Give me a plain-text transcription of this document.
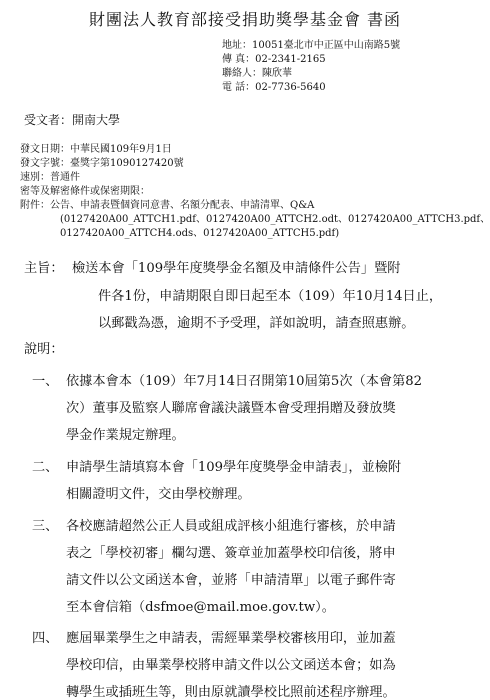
財團法人教育部接受捐助獎學基金會 書函
地址：10051臺北市中正區中山南路5號
傳 真：02-2341-2165
聯絡人：陳欣華
電 話：02-7736-5640
受文者：開南大學
發文日期：中華民國109年9月1日
發文字號：臺獎字第1090127420號
速別：普通件
密等及解密條件或保密期限：
附件：公告、申請表暨個資同意書、名額分配表、申請清單、Q&A
(0127420A00_ATTCH1.pdf、0127420A00_ATTCH2.odt、0127420A00_ATTCH3.pdf、
0127420A00_ATTCH4.ods、0127420A00_ATTCH5.pdf)
主旨： 檢送本會「109學年度獎學金名額及申請條件公告」暨附
件各1份，申請期限自即日起至本（109）年10月14日止，
以郵戳為憑，逾期不予受理，詳如說明，請查照惠辦。
說明：
一、 依據本會本（109）年7月14日召開第10屆第5次（本會第82
次）董事及監察人聯席會議決議暨本會受理捐贈及發放獎
學金作業規定辦理。
二、 申請學生請填寫本會「109學年度獎學金申請表」，並檢附
相關證明文件，交由學校辦理。
三、 各校應請超然公正人員或組成評核小組進行審核，於申請
表之「學校初審」欄勾選、簽章並加蓋學校印信後，將申
請文件以公文函送本會，並將「申請清單」以電子郵件寄
至本會信箱（dsfmoe@mail.moe.gov.tw）。
四、 應屆畢業學生之申請表，需經畢業學校審核用印，並加蓋
學校印信，由畢業學校將申請文件以公文函送本會；如為
轉學生或插班生等，則由原就讀學校比照前述程序辦理。
